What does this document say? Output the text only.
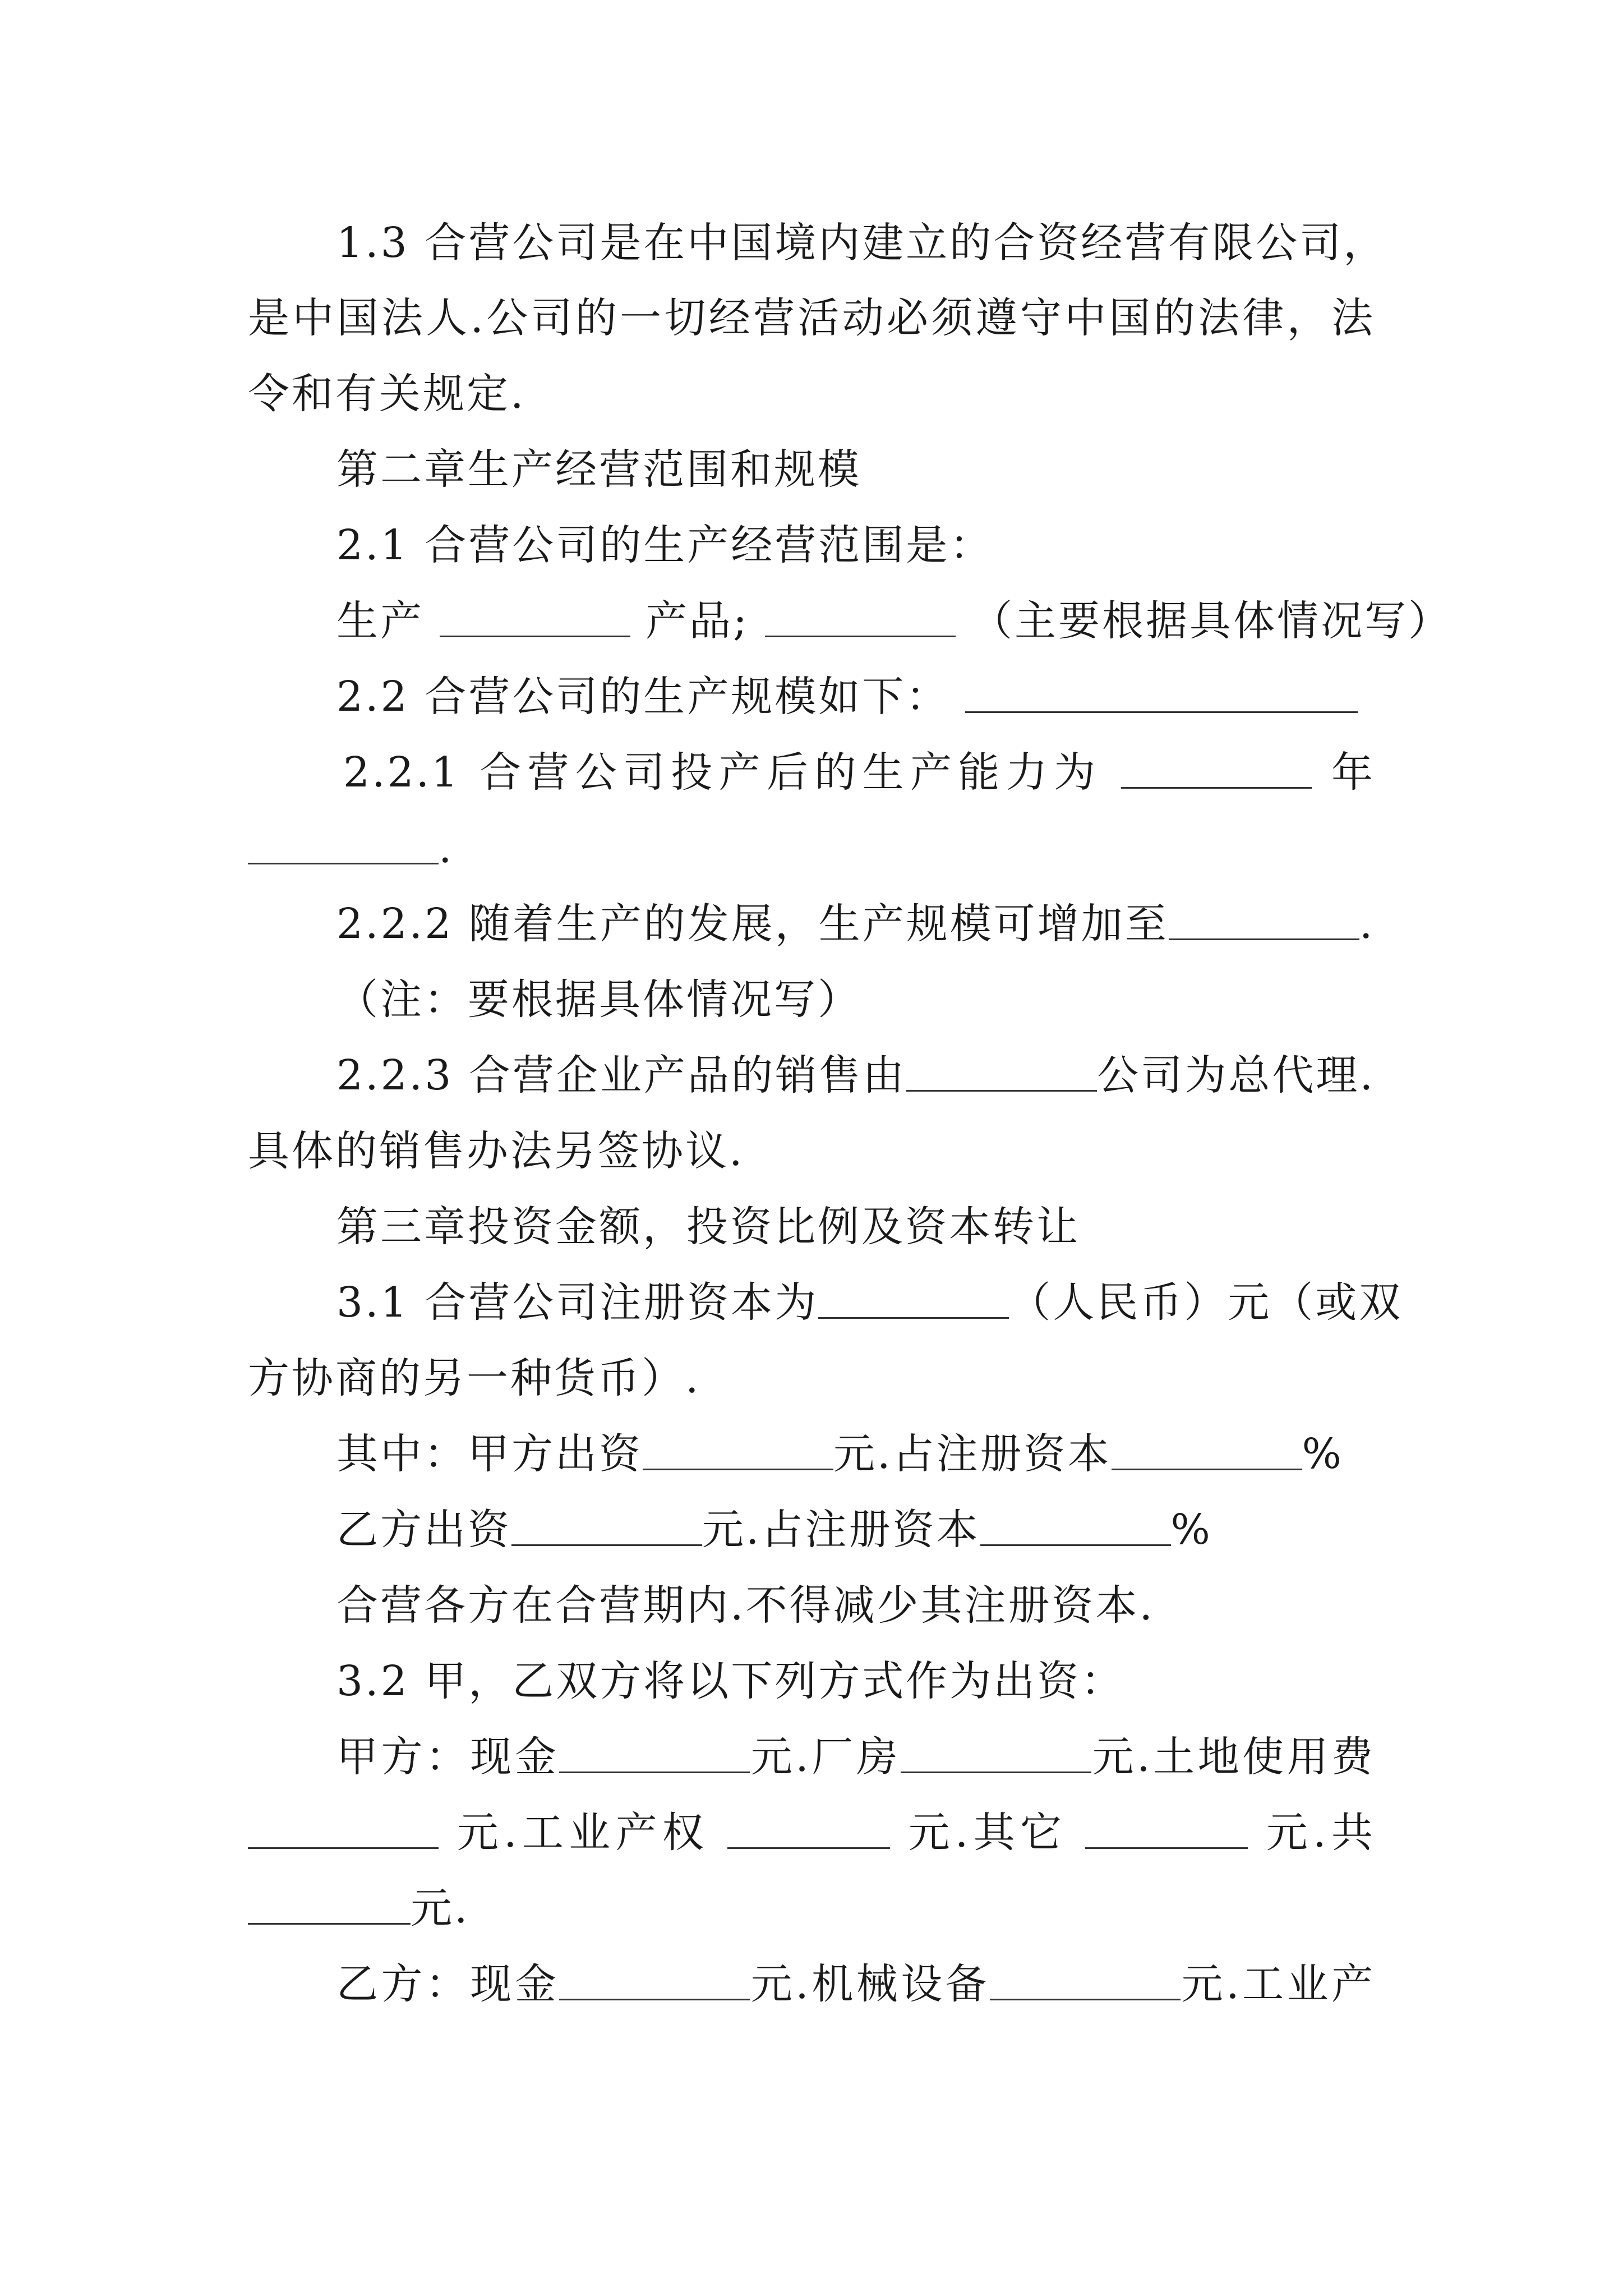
1.3 合营公司是在中国境内建立的合资经营有限公司，
是中国法人.公司的一切经营活动必须遵守中国的法律，法
令和有关规定.
第二章生产经营范围和规模
2.1 合营公司的生产经营范围是：
生产	产品;	（主要根据具体情况写）
2.2 合营公司的生产规模如下：
2.2.1 合营公司投产后的生产能力为	年
.
2.2.2 随着生产的发展，生产规模可增加至	.
（注：要根据具体情况写）
2.2.3 合营企业产品的销售由	公司为总代理.
具体的销售办法另签协议.
第三章投资金额，投资比例及资本转让
3.1 合营公司注册资本为	（人民币）元（或双
方协商的另一种货币）.
其中：甲方出资	元.占注册资本	%
乙方出资	元.占注册资本	%
合营各方在合营期内.不得减少其注册资本.
3.2 甲，乙双方将以下列方式作为出资：
甲方：现金	元.厂房	元.土地使用费
元.工业产权	元.其它	元.共
元.
乙方：现金	元.机械设备	元.工业产
